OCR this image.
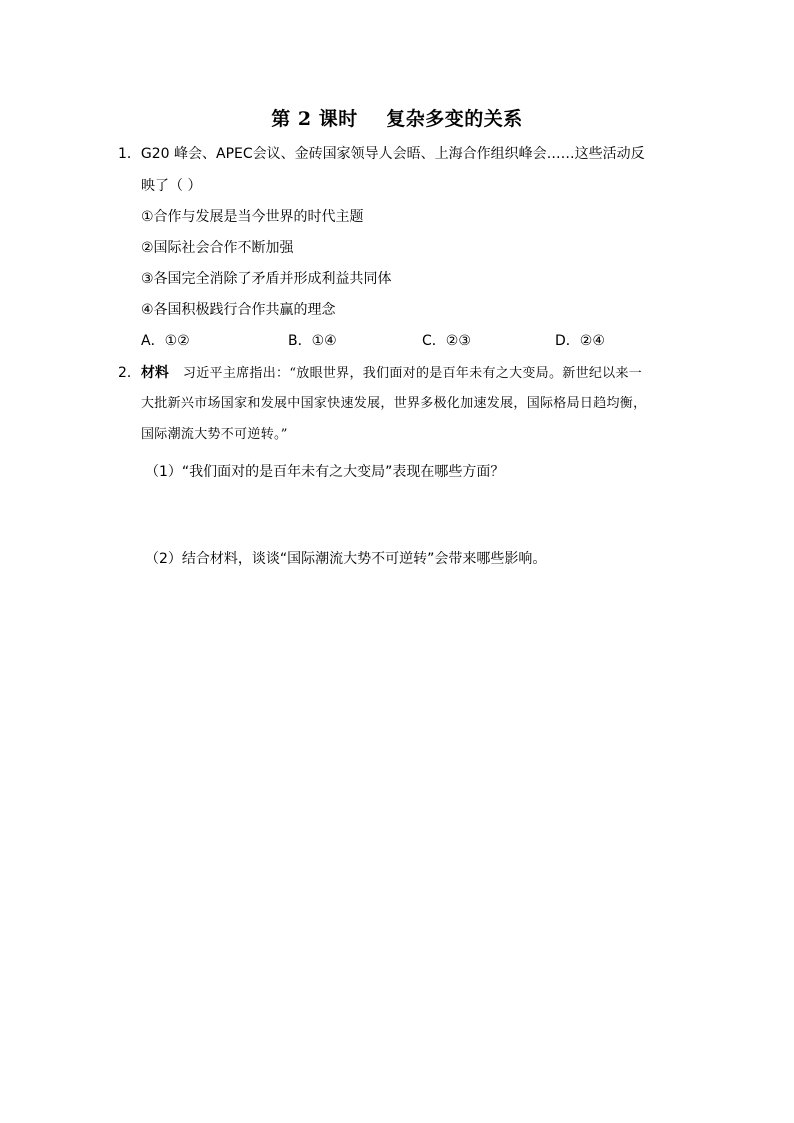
第 2 课时    复杂多变的关系
1．G20 峰会、APEC会议、金砖国家领导人会晤、上海合作组织峰会……这些活动反
映了（ ）
①合作与发展是当今世界的时代主题
②国际社会合作不断加强
③各国完全消除了矛盾并形成利益共同体
④各国积极践行合作共赢的理念
A．①②	B．①④	C．②③	D．②④
2．材料 习近平主席指出：“放眼世界，我们面对的是百年未有之大变局。新世纪以来一
大批新兴市场国家和发展中国家快速发展，世界多极化加速发展，国际格局日趋均衡，
国际潮流大势不可逆转。”
（1）“我们面对的是百年未有之大变局”表现在哪些方面？
（2）结合材料，谈谈“国际潮流大势不可逆转”会带来哪些影响。
